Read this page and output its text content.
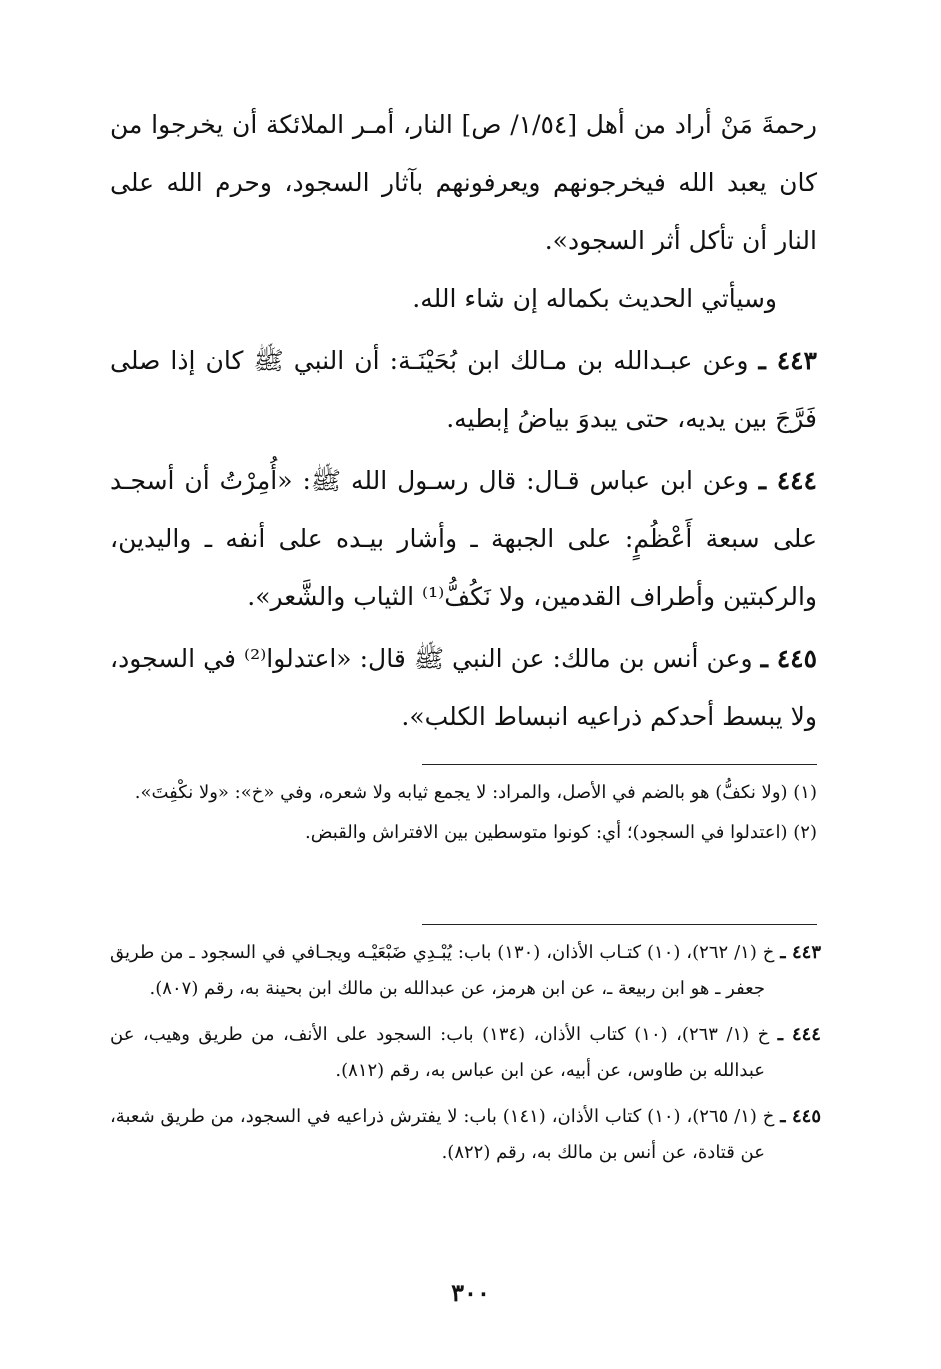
رحمةَ مَنْ أراد من أهل [١/٥٤/ ص] النار، أمـر الملائكة أن يخرجوا من كان يعبد الله فيخرجونهم ويعرفونهم بآثار السجود، وحرم الله على النار أن تأكل أثر السجود».

وسيأتي الحديث بكماله إن شاء الله.

٤٤٣ ـ وعن عبـدالله بن مـالك ابن بُحَيْنَـة: أن النبي ﷺ كان إذا صلى فَرَّجَ بين يديه، حتى يبدوَ بياضُ إبطيه.

٤٤٤ ـ وعن ابن عباس قـال: قال رسـول الله ﷺ: «أُمِرْتُ أن أسجـد على سبعة أَعْظُمٍ: على الجبهة ـ وأشار بيـده على أنفه ـ واليدين، والركبتين وأطراف القدمين، ولا نَكُفُّ⁽¹⁾ الثياب والشَّعر».

٤٤٥ ـ وعن أنس بن مالك: عن النبي ﷺ قال: «اعتدلوا⁽²⁾ في السجود، ولا يبسط أحدكم ذراعيه انبساط الكلب».

(١) (ولا نكفُّ) هو بالضم في الأصل، والمراد: لا يجمع ثيابه ولا شعره، وفي «خ»: «ولا نكْفِتَ».

(٢) (اعتدلوا في السجود)؛ أي: كونوا متوسطين بين الافتراش والقبض.

٤٤٣ ـ خ (١/ ٢٦٢)، (١٠) كتـاب الأذان، (١٣٠) باب: يُبْـدِي ضَبْعَيْـه ويجـافي في السجود ـ من طريق جعفر ـ هو ابن ربيعة ـ، عن ابن هرمز، عن عبدالله بن مالك ابن بحينة به، رقم (٨٠٧).

٤٤٤ ـ خ (١/ ٢٦٣)، (١٠) كتاب الأذان، (١٣٤) باب: السجود على الأنف، من طريق وهيب، عن عبدالله بن طاوس، عن أبيه، عن ابن عباس به، رقم (٨١٢).

٤٤٥ ـ خ (١/ ٢٦٥)، (١٠) كتاب الأذان، (١٤١) باب: لا يفترش ذراعيه في السجود، من طريق شعبة، عن قتادة، عن أنس بن مالك به، رقم (٨٢٢).

٣٠٠
